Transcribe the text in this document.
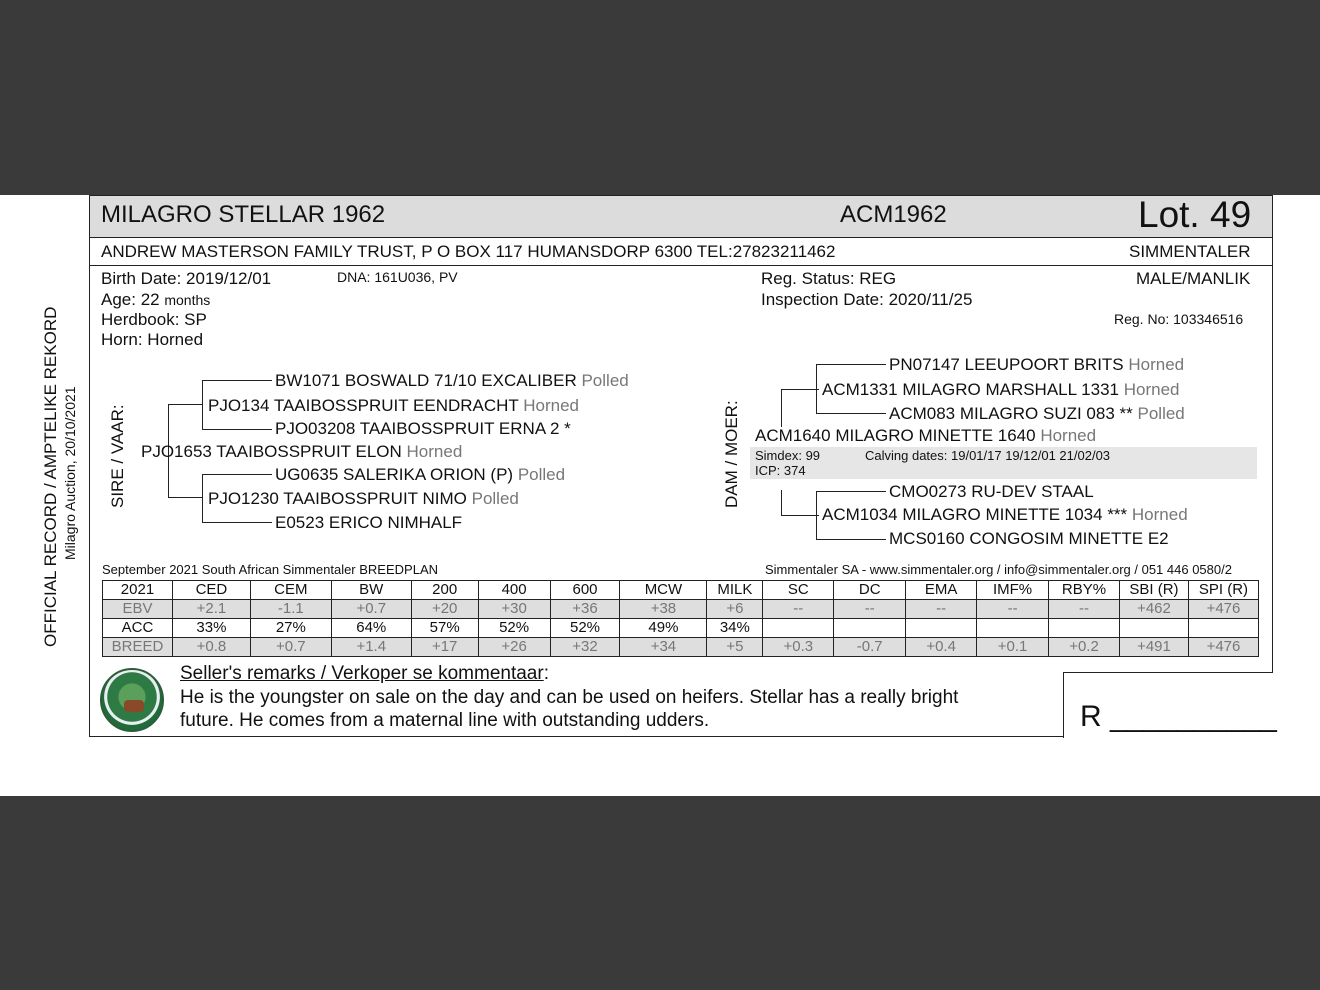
MILAGRO STELLAR 1962	ACM1962	Lot. 49
ANDREW MASTERSON FAMILY TRUST, P O BOX 117 HUMANSDORP 6300 TEL:27823211462	SIMMENTALER
Birth Date: 2019/12/01	DNA: 161U036, PV
Age: 22 months
Herdbook: SP
Horn: Horned
Reg. Status: REG
Inspection Date: 2020/11/25
MALE/MANLIK
Reg. No: 103346516
OFFICIAL RECORD / AMPTELIKE REKORD Milagro Auction, 20/10/2021 SIRE / VAAR:	DAM / MOER:
BW1071 BOSWALD 71/10 EXCALIBER Polled
PJO134 TAAIBOSSPRUIT EENDRACHT Horned
PJO03208 TAAIBOSSPRUIT ERNA 2 *
PJO1653 TAAIBOSSPRUIT ELON Horned
UG0635 SALERIKA ORION (P) Polled
PJO1230 TAAIBOSSPRUIT NIMO Polled
E0523 ERICO NIMHALF
PN07147 LEEUPOORT BRITS Horned
ACM1331 MILAGRO MARSHALL 1331 Horned
ACM083 MILAGRO SUZI 083 ** Polled
ACM1640 MILAGRO MINETTE 1640 Horned
Simdex: 99	Calving dates: 19/01/17 19/12/01 21/02/03
ICP: 374
CMO0273 RU-DEV STAAL
ACM1034 MILAGRO MINETTE 1034 *** Horned
MCS0160 CONGOSIM MINETTE E2
September 2021 South African Simmentaler BREEDPLAN	Simmentaler SA - www.simmentaler.org / info@simmentaler.org / 051 446 0580/2
2021	CED	CEM	BW	200	400	600	MCW	MILK	SC	DC	EMA	IMF%	RBY%	SBI (R)	SPI (R)
EBV	+2.1	-1.1	+0.7	+20	+30	+36	+38	+6	--	--	--	--	--	+462	+476
ACC	33%	27%	64%	57%	52%	52%	49%	34%							
BREED	+0.8	+0.7	+1.4	+17	+26	+32	+34	+5	+0.3	-0.7	+0.4	+0.1	+0.2	+491	+476
Seller's remarks / Verkoper se kommentaar:
He is the youngster on sale on the day and can be used on heifers. Stellar has a really bright
future. He comes from a maternal line with outstanding udders.	R __________
